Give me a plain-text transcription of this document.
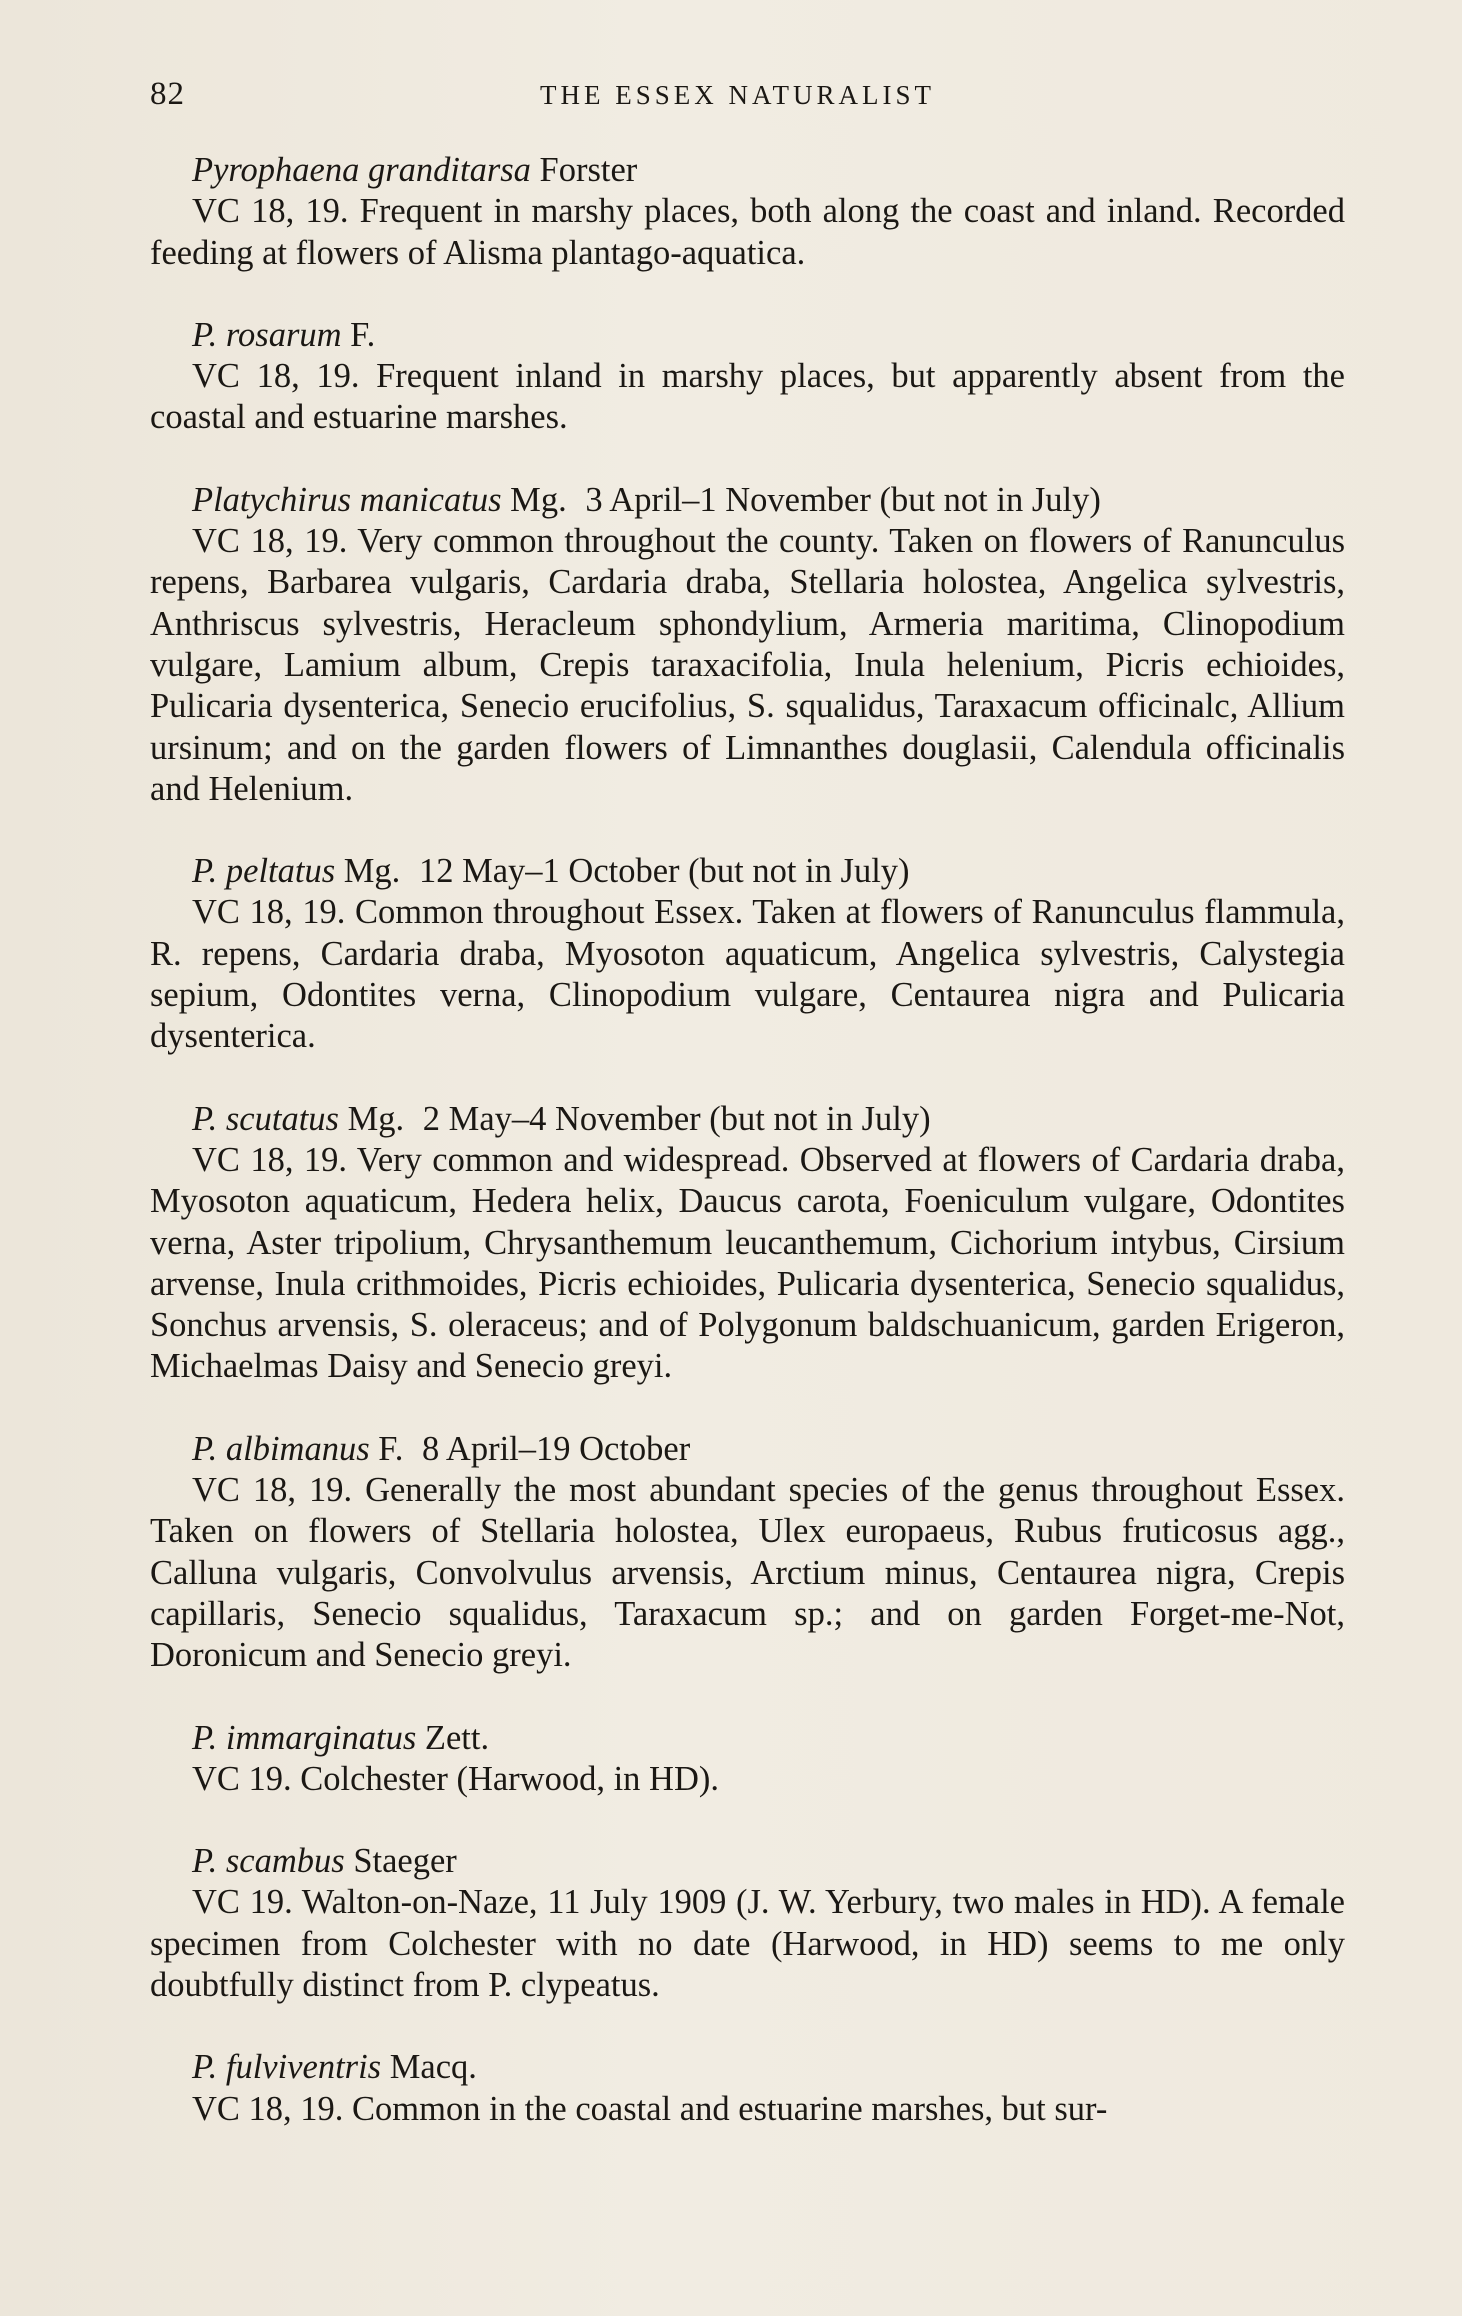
82	THE ESSEX NATURALIST
Pyrophaena granditarsa Forster
VC 18, 19. Frequent in marshy places, both along the coast and inland. Recorded feeding at flowers of Alisma plantago-aquatica.
P. rosarum F.
VC 18, 19. Frequent inland in marshy places, but apparently absent from the coastal and estuarine marshes.
Platychirus manicatus Mg. 3 April–1 November (but not in July)
VC 18, 19. Very common throughout the county. Taken on flowers of Ranunculus repens, Barbarea vulgaris, Cardaria draba, Stellaria holostea, Angelica sylvestris, Anthriscus sylvestris, Heracleum sphondylium, Armeria maritima, Clinopodium vulgare, Lamium album, Crepis taraxacifolia, Inula helenium, Picris echioides, Pulicaria dysenterica, Senecio erucifolius, S. squalidus, Taraxacum officinalc, Allium ursinum; and on the garden flowers of Limnanthes douglasii, Calendula officinalis and Helenium.
P. peltatus Mg. 12 May–1 October (but not in July)
VC 18, 19. Common throughout Essex. Taken at flowers of Ranunculus flammula, R. repens, Cardaria draba, Myosoton aquaticum, Angelica sylvestris, Calystegia sepium, Odontites verna, Clinopodium vulgare, Centaurea nigra and Pulicaria dysenterica.
P. scutatus Mg. 2 May–4 November (but not in July)
VC 18, 19. Very common and widespread. Observed at flowers of Cardaria draba, Myosoton aquaticum, Hedera helix, Daucus carota, Foeniculum vulgare, Odontites verna, Aster tripolium, Chrysanthemum leucanthemum, Cichorium intybus, Cirsium arvense, Inula crithmoides, Picris echioides, Pulicaria dysenterica, Senecio squalidus, Sonchus arvensis, S. oleraceus; and of Polygonum baldschuanicum, garden Erigeron, Michaelmas Daisy and Senecio greyi.
P. albimanus F. 8 April–19 October
VC 18, 19. Generally the most abundant species of the genus throughout Essex. Taken on flowers of Stellaria holostea, Ulex europaeus, Rubus fruticosus agg., Calluna vulgaris, Convolvulus arvensis, Arctium minus, Centaurea nigra, Crepis capillaris, Senecio squalidus, Taraxacum sp.; and on garden Forget-me-Not, Doronicum and Senecio greyi.
P. immarginatus Zett.
VC 19. Colchester (Harwood, in HD).
P. scambus Staeger
VC 19. Walton-on-Naze, 11 July 1909 (J. W. Yerbury, two males in HD). A female specimen from Colchester with no date (Harwood, in HD) seems to me only doubtfully distinct from P. clypeatus.
P. fulviventris Macq.
VC 18, 19. Common in the coastal and estuarine marshes, but sur-
